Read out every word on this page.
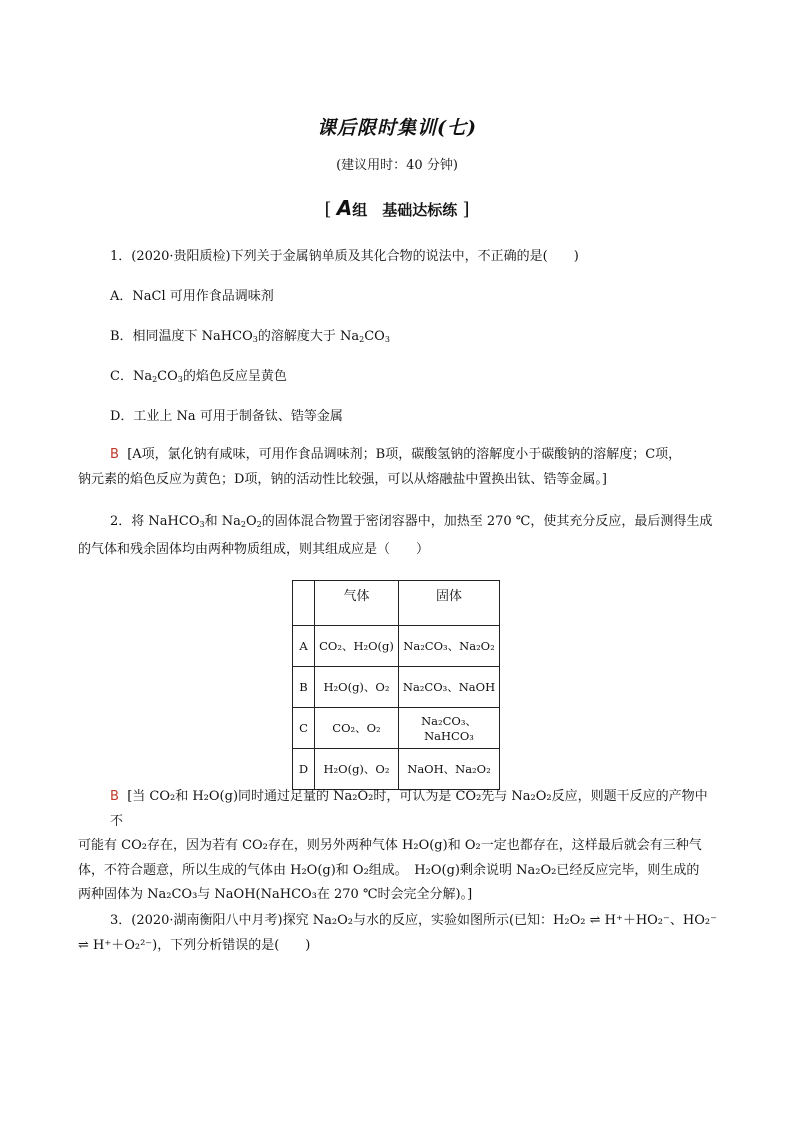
课后限时集训(七)
(建议用时：40 分钟)
[ A组　基础达标练 ]
1．(2020·贵阳质检)下列关于金属钠单质及其化合物的说法中，不正确的是(　　)
A．NaCl 可用作食品调味剂
B．相同温度下 NaHCO$_3$的溶解度大于 $Na_2CO_3$
C．$Na_2CO_3$的焰色反应呈黄色
D．工业上 Na 可用于制备钛、锆等金属
B [A项，氯化钠有咸味，可用作食品调味剂；B项，碳酸氢钠的溶解度小于碳酸钠的溶解度；C项，
钠元素的焰色反应为黄色；D项，钠的活动性比较强，可以从熔融盐中置换出钛、锆等金属。]
2．将 NaHCO$_3$和 $Na_2O_2$的固体混合物置于密闭容器中，加热至 270 ℃，使其充分反应，最后测得生成
的气体和残余固体均由两种物质组成，则其组成应是（　　）
	气体	固体
A	CO₂、H₂O(g)	Na₂CO₃、Na₂O₂
B	H₂O(g)、O₂	Na₂CO₃、NaOH
C	CO₂、O₂	Na₂CO₃、NaHCO₃
D	H₂O(g)、O₂	NaOH、Na₂O₂
B [当 CO₂和 H₂O(g)同时通过足量的 Na₂O₂时，可认为是 CO₂先与 Na₂O₂反应，则题干反应的产物中不
可能有 CO₂存在，因为若有 CO₂存在，则另外两种气体 H₂O(g)和 O₂一定也都存在，这样最后就会有三种气
体，不符合题意，所以生成的气体由 H₂O(g)和 O₂组成。　H₂O(g)剩余说明 Na₂O₂已经反应完毕，则生成的
两种固体为 Na₂CO₃与 NaOH(NaHCO₃在 270 ℃时会完全分解)。]
3．(2020·湖南衡阳八中月考)探究 Na₂O₂与水的反应，实验如图所示(已知：H₂O₂ ⇌ H⁺＋HO₂⁻、HO₂⁻
⇌ H⁺＋O₂²⁻)，下列分析错误的是(　　)
